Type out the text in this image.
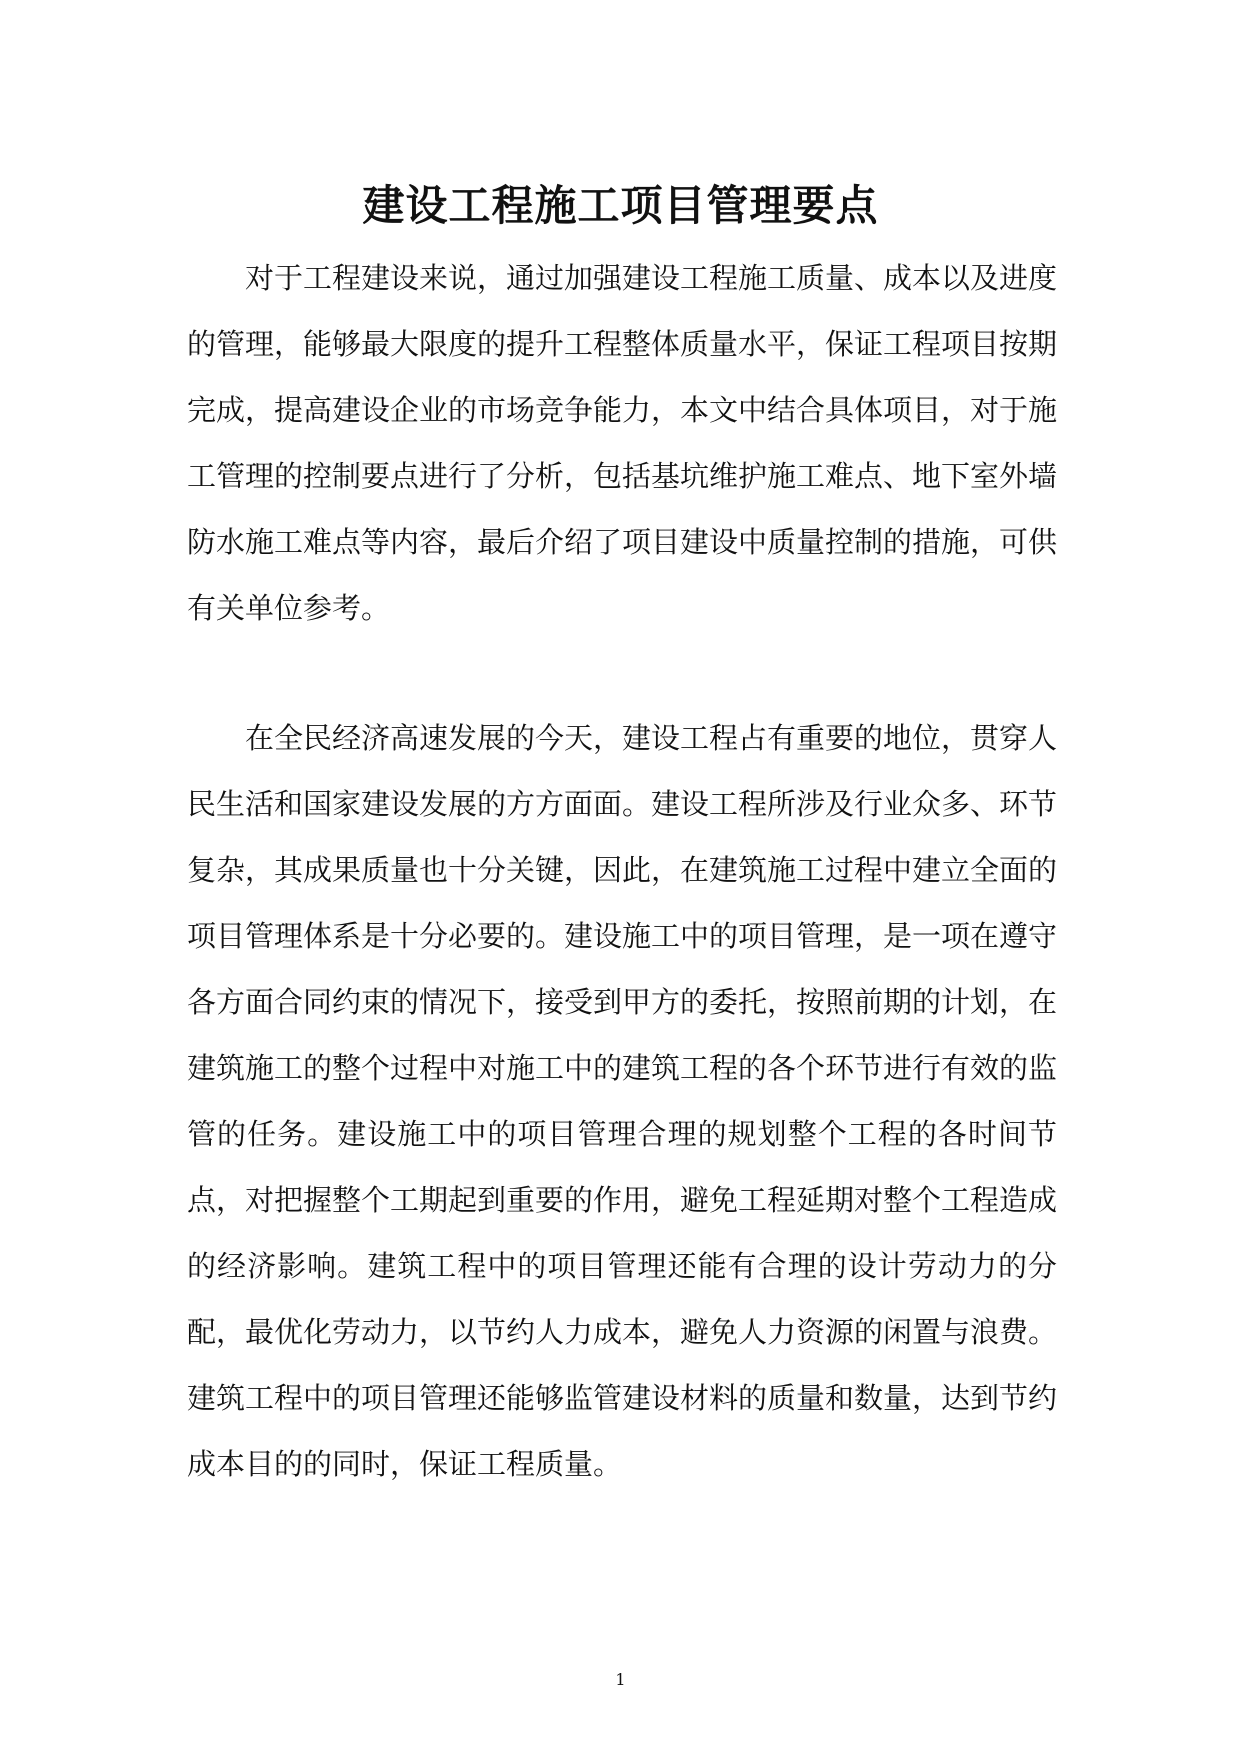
建设工程施工项目管理要点

对于工程建设来说，通过加强建设工程施工质量、成本以及进度的管理，能够最大限度的提升工程整体质量水平，保证工程项目按期完成，提高建设企业的市场竞争能力，本文中结合具体项目，对于施工管理的控制要点进行了分析，包括基坑维护施工难点、地下室外墙防水施工难点等内容，最后介绍了项目建设中质量控制的措施，可供有关单位参考。

在全民经济高速发展的今天，建设工程占有重要的地位，贯穿人民生活和国家建设发展的方方面面。建设工程所涉及行业众多、环节复杂，其成果质量也十分关键，因此，在建筑施工过程中建立全面的项目管理体系是十分必要的。建设施工中的项目管理，是一项在遵守各方面合同约束的情况下，接受到甲方的委托，按照前期的计划，在建筑施工的整个过程中对施工中的建筑工程的各个环节进行有效的监管的任务。建设施工中的项目管理合理的规划整个工程的各时间节点，对把握整个工期起到重要的作用，避免工程延期对整个工程造成的经济影响。建筑工程中的项目管理还能有合理的设计劳动力的分配，最优化劳动力，以节约人力成本，避免人力资源的闲置与浪费。建筑工程中的项目管理还能够监管建设材料的质量和数量，达到节约成本目的的同时，保证工程质量。

1
